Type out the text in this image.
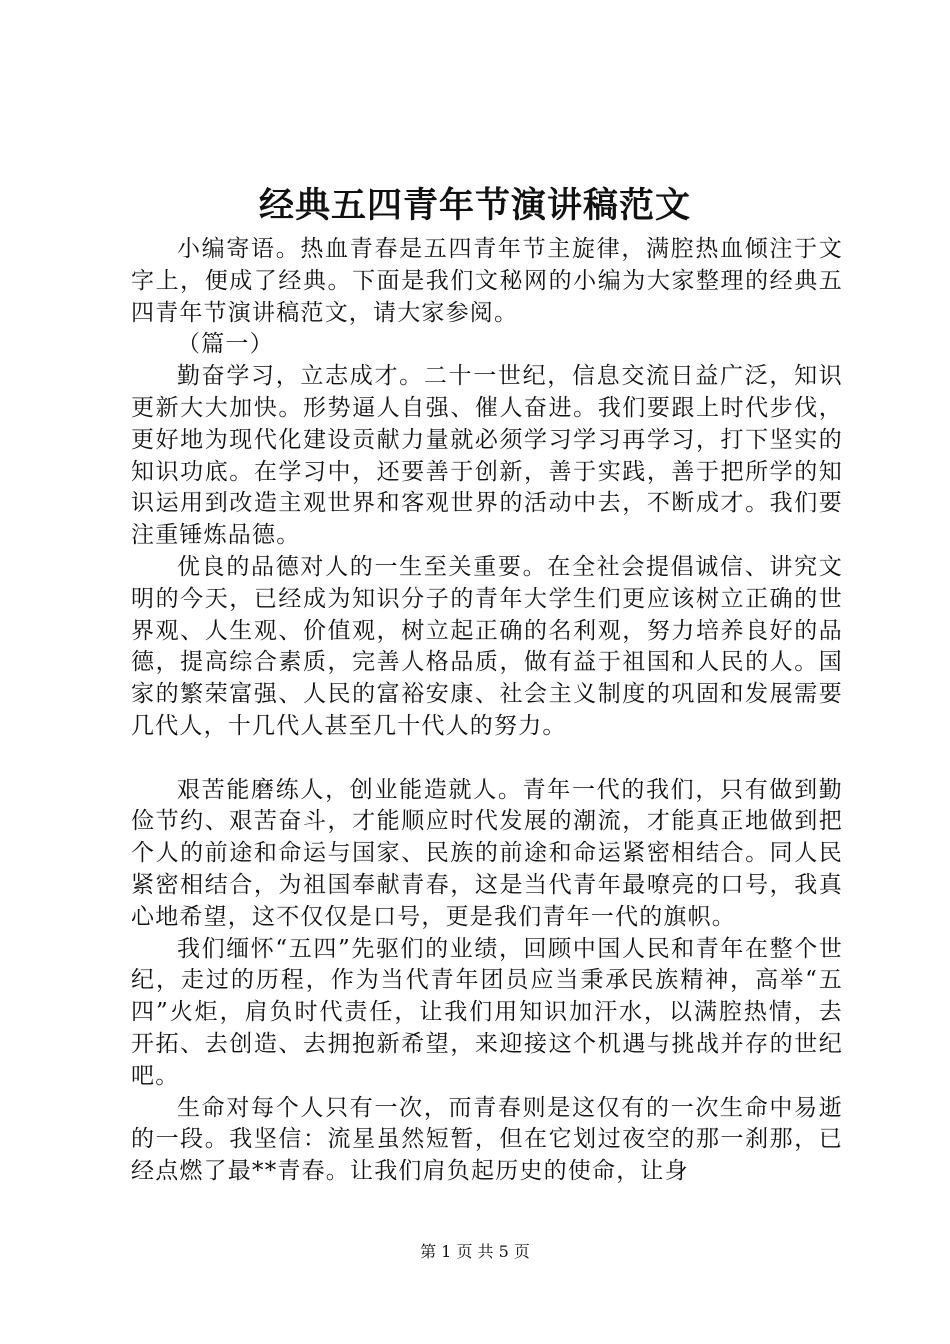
经典五四青年节演讲稿范文

小编寄语。热血青春是五四青年节主旋律，满腔热血倾注于文字上，便成了经典。下面是我们文秘网的小编为大家整理的经典五四青年节演讲稿范文，请大家参阅。

（篇一）

勤奋学习，立志成才。二十一世纪，信息交流日益广泛，知识更新大大加快。形势逼人自强、催人奋进。我们要跟上时代步伐，更好地为现代化建设贡献力量就必须学习学习再学习，打下坚实的知识功底。在学习中，还要善于创新，善于实践，善于把所学的知识运用到改造主观世界和客观世界的活动中去，不断成才。我们要注重锤炼品德。

优良的品德对人的一生至关重要。在全社会提倡诚信、讲究文明的今天，已经成为知识分子的青年大学生们更应该树立正确的世界观、人生观、价值观，树立起正确的名利观，努力培养良好的品德，提高综合素质，完善人格品质，做有益于祖国和人民的人。国家的繁荣富强、人民的富裕安康、社会主义制度的巩固和发展需要几代人，十几代人甚至几十代人的努力。

艰苦能磨练人，创业能造就人。青年一代的我们，只有做到勤俭节约、艰苦奋斗，才能顺应时代发展的潮流，才能真正地做到把个人的前途和命运与国家、民族的前途和命运紧密相结合。同人民紧密相结合，为祖国奉献青春，这是当代青年最嘹亮的口号，我真心地希望，这不仅仅是口号，更是我们青年一代的旗帜。

我们缅怀“五四”先驱们的业绩，回顾中国人民和青年在整个世纪，走过的历程，作为当代青年团员应当秉承民族精神，高举“五四”火炬，肩负时代责任，让我们用知识加汗水，以满腔热情，去开拓、去创造、去拥抱新希望，来迎接这个机遇与挑战并存的世纪吧。

生命对每个人只有一次，而青春则是这仅有的一次生命中易逝的一段。我坚信：流星虽然短暂，但在它划过夜空的那一刹那，已经点燃了最**青春。让我们肩负起历史的使命，让身

第 1 页 共 5 页
